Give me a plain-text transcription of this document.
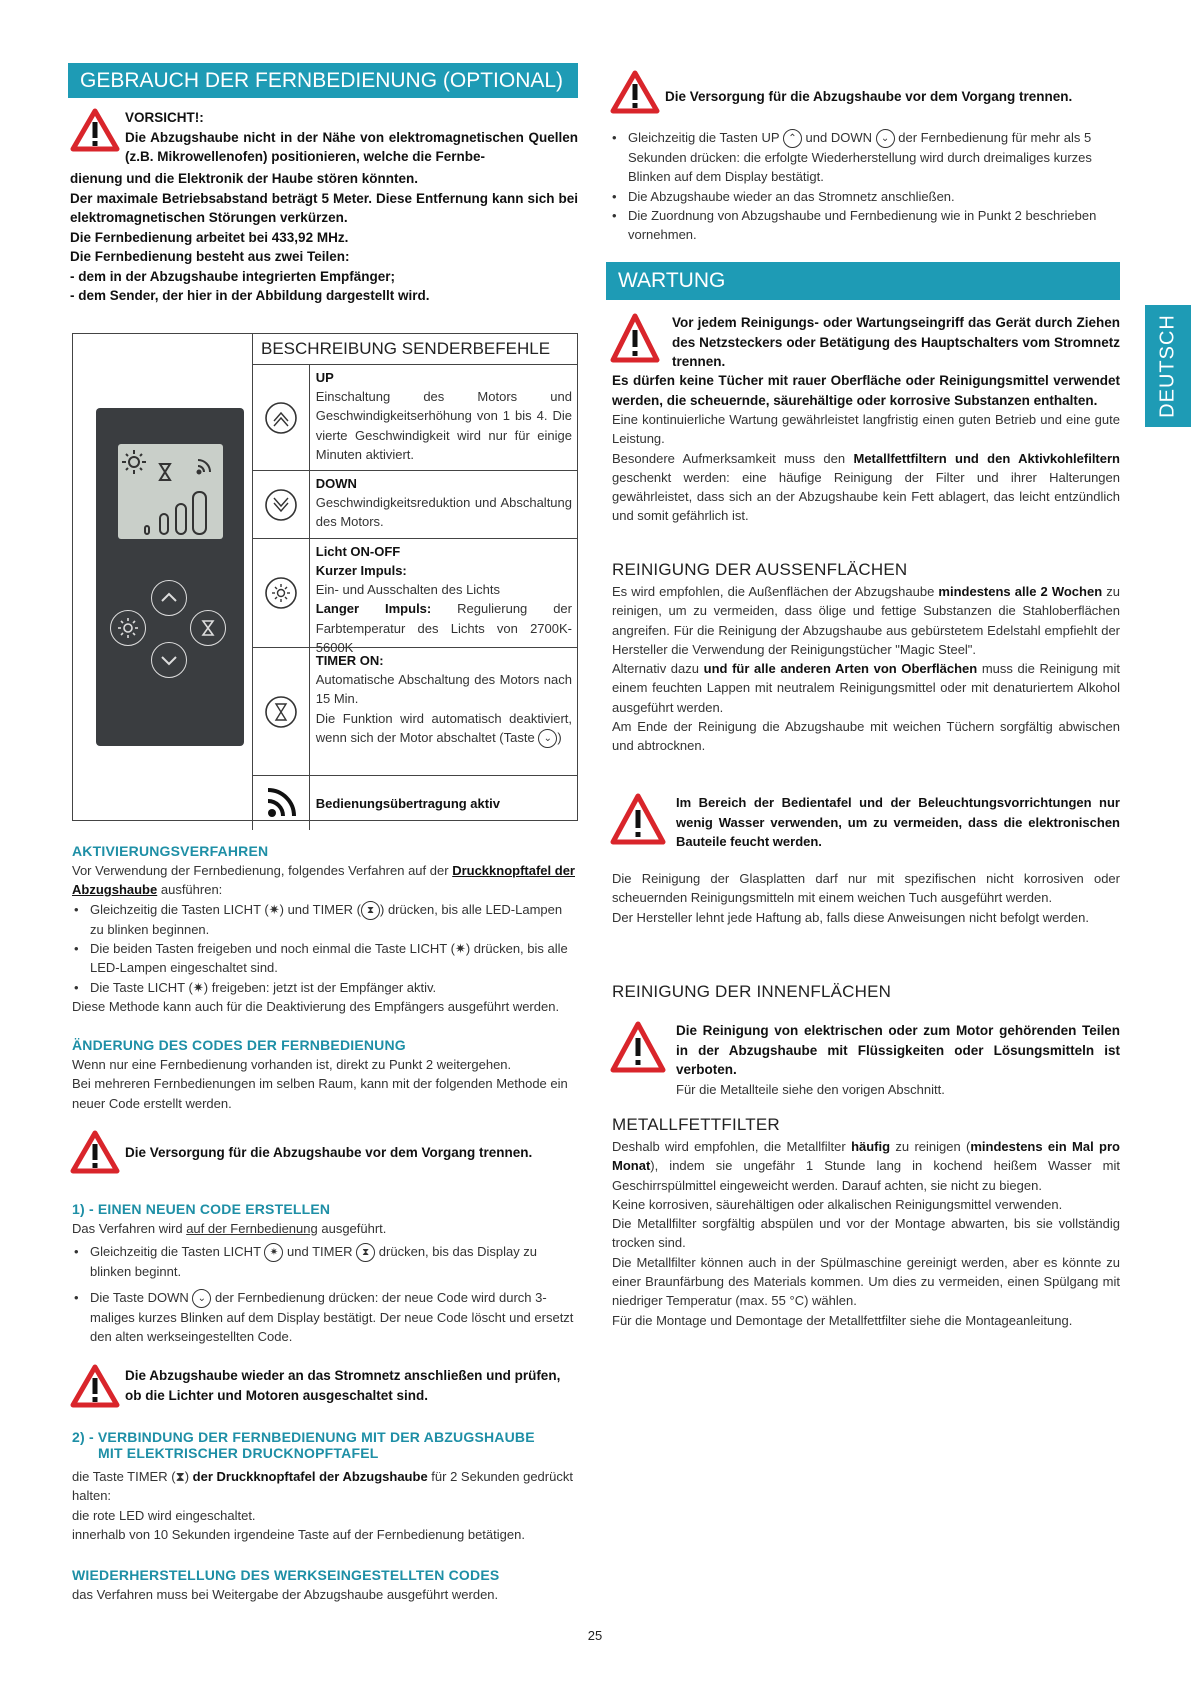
GEBRAUCH DER FERNBEDIENUNG (OPTIONAL)

VORSICHT!:

Die Abzugshaube nicht in der Nähe von elektromagnetischen Quellen (z.B. Mikrowellenofen) positionieren, welche die Fernbe-

dienung und die Elektronik der Haube stören könnten.

Der maximale Betriebsabstand beträgt 5 Meter. Diese Entfernung kann sich bei elektromagnetischen Störungen verkürzen.

Die Fernbedienung arbeitet bei 433,92 MHz.

Die Fernbedienung besteht aus zwei Teilen:

- dem in der Abzugshaube integrierten Empfänger;

- dem Sender, der hier in der Abbildung dargestellt wird.

BESCHREIBUNG SENDERBEFEHLE

UP

Einschaltung des Motors und Geschwindigkeitserhöhung von 1 bis 4. Die vierte Geschwindigkeit wird nur für einige Minuten aktiviert.

DOWN

Geschwindigkeitsreduktion und Abschaltung des Motors.

Licht ON-OFF

Kurzer Impuls:

Ein- und Ausschalten des Lichts

Langer Impuls: Regulierung der Farbtemperatur des Lichts von 2700K-5600K

TIMER ON:

Automatische Abschaltung des Motors nach 15 Min.

Die Funktion wird automatisch deaktiviert, wenn sich der Motor abschaltet (Taste ⌄ )

Bedienungsübertragung aktiv

AKTIVIERUNGSVERFAHREN

Vor Verwendung der Fernbedienung, folgendes Verfahren auf der Druckknopftafel der Abzugshaube ausführen:

• Gleichzeitig die Tasten LICHT (✷) und TIMER ( ⧗ ) drücken, bis alle LED-Lampen zu blinken beginnen.
• Die beiden Tasten freigeben und noch einmal die Taste LICHT (✷) drücken, bis alle LED-Lampen eingeschaltet sind.
• Die Taste LICHT (✷) freigeben: jetzt ist der Empfänger aktiv.

Diese Methode kann auch für die Deaktivierung des Empfängers ausgeführt werden.

ÄNDERUNG DES CODES DER FERNBEDIENUNG

Wenn nur eine Fernbedienung vorhanden ist, direkt zu Punkt 2 weitergehen.

Bei mehreren Fernbedienungen im selben Raum, kann mit der folgenden Methode ein neuer Code erstellt werden.

Die Versorgung für die Abzugshaube vor dem Vorgang trennen.

1) - EINEN NEUEN CODE ERSTELLEN

Das Verfahren wird auf der Fernbedienung ausgeführt.

• Gleichzeitig die Tasten LICHT ✷ und TIMER ⧗ drücken, bis das Display zu blinken beginnt.
• Die Taste DOWN ⌄ der Fernbedienung drücken: der neue Code wird durch 3-maliges kurzes Blinken auf dem Display bestätigt. Der neue Code löscht und ersetzt den alten werkseingestellten Code.

Die Abzugshaube wieder an das Stromnetz anschließen und prüfen, ob die Lichter und Motoren ausgeschaltet sind.

2) - VERBINDUNG DER FERNBEDIENUNG MIT DER ABZUGSHAUBE

MIT ELEKTRISCHER DRUCKNOPFTAFEL

die Taste TIMER (⧗) der Druckknopftafel der Abzugshaube für 2 Sekunden gedrückt halten:

die rote LED wird eingeschaltet.

innerhalb von 10 Sekunden irgendeine Taste auf der Fernbedienung betätigen.

WIEDERHERSTELLUNG DES WERKSEINGESTELLTEN CODES

das Verfahren muss bei Weitergabe der Abzugshaube ausgeführt werden.

Die Versorgung für die Abzugshaube vor dem Vorgang trennen.

• Gleichzeitig die Tasten UP ⌃ und DOWN ⌄ der Fernbedienung für mehr als 5 Sekunden drücken: die erfolgte Wiederherstellung wird durch dreimaliges kurzes Blinken auf dem Display bestätigt.
• Die Abzugshaube wieder an das Stromnetz anschließen.
• Die Zuordnung von Abzugshaube und Fernbedienung wie in Punkt 2 beschrieben vornehmen.
WARTUNG

Vor jedem Reinigungs- oder Wartungseingriff das Gerät durch Ziehen des Netzsteckers oder Betätigung des Hauptschalters vom Stromnetz trennen.

Es dürfen keine Tücher mit rauer Oberfläche oder Reinigungsmittel verwendet werden, die scheuernde, säurehältige oder korrosive Substanzen enthalten.

Eine kontinuierliche Wartung gewährleistet langfristig einen guten Betrieb und eine gute Leistung.

Besondere Aufmerksamkeit muss den Metallfettfiltern und den Aktivkohlefiltern geschenkt werden: eine häufige Reinigung der Filter und ihrer Halterungen gewährleistet, dass sich an der Abzugshaube kein Fett ablagert, das leicht entzündlich und somit gefährlich ist.

REINIGUNG DER AUSSENFLÄCHEN

Es wird empfohlen, die Außenflächen der Abzugshaube mindestens alle 2 Wochen zu reinigen, um zu vermeiden, dass ölige und fettige Substanzen die Stahloberflächen angreifen. Für die Reinigung der Abzugshaube aus gebürstetem Edelstahl empfiehlt der Hersteller die Verwendung der Reinigungstücher "Magic Steel".

Alternativ dazu und für alle anderen Arten von Oberflächen muss die Reinigung mit einem feuchten Lappen mit neutralem Reinigungsmittel oder mit denaturiertem Alkohol ausgeführt werden.

Am Ende der Reinigung die Abzugshaube mit weichen Tüchern sorgfältig abwischen und abtrocknen.

Im Bereich der Bedientafel und der Beleuchtungsvorrichtungen nur wenig Wasser verwenden, um zu vermeiden, dass die elektronischen Bauteile feucht werden.

Die Reinigung der Glasplatten darf nur mit spezifischen nicht korrosiven oder scheuernden Reinigungsmitteln mit einem weichen Tuch ausgeführt werden.

Der Hersteller lehnt jede Haftung ab, falls diese Anweisungen nicht befolgt werden.

REINIGUNG DER INNENFLÄCHEN

Die Reinigung von elektrischen oder zum Motor gehörenden Teilen in der Abzugshaube mit Flüssigkeiten oder Lösungsmitteln ist verboten.

Für die Metallteile siehe den vorigen Abschnitt.

METALLFETTFILTER

Deshalb wird empfohlen, die Metallfilter häufig zu reinigen (mindestens ein Mal pro Monat), indem sie ungefähr 1 Stunde lang in kochend heißem Wasser mit Geschirrspülmittel eingeweicht werden. Darauf achten, sie nicht zu biegen.

Keine korrosiven, säurehältigen oder alkalischen Reinigungsmittel verwenden.

Die Metallfilter sorgfältig abspülen und vor der Montage abwarten, bis sie vollständig trocken sind.

Die Metallfilter können auch in der Spülmaschine gereinigt werden, aber es könnte zu einer Braunfärbung des Materials kommen. Um dies zu vermeiden, einen Spülgang mit niedriger Temperatur (max. 55 °C) wählen.

Für die Montage und Demontage der Metallfettfilter siehe die Montageanleitung.

DEUTSCH
25
